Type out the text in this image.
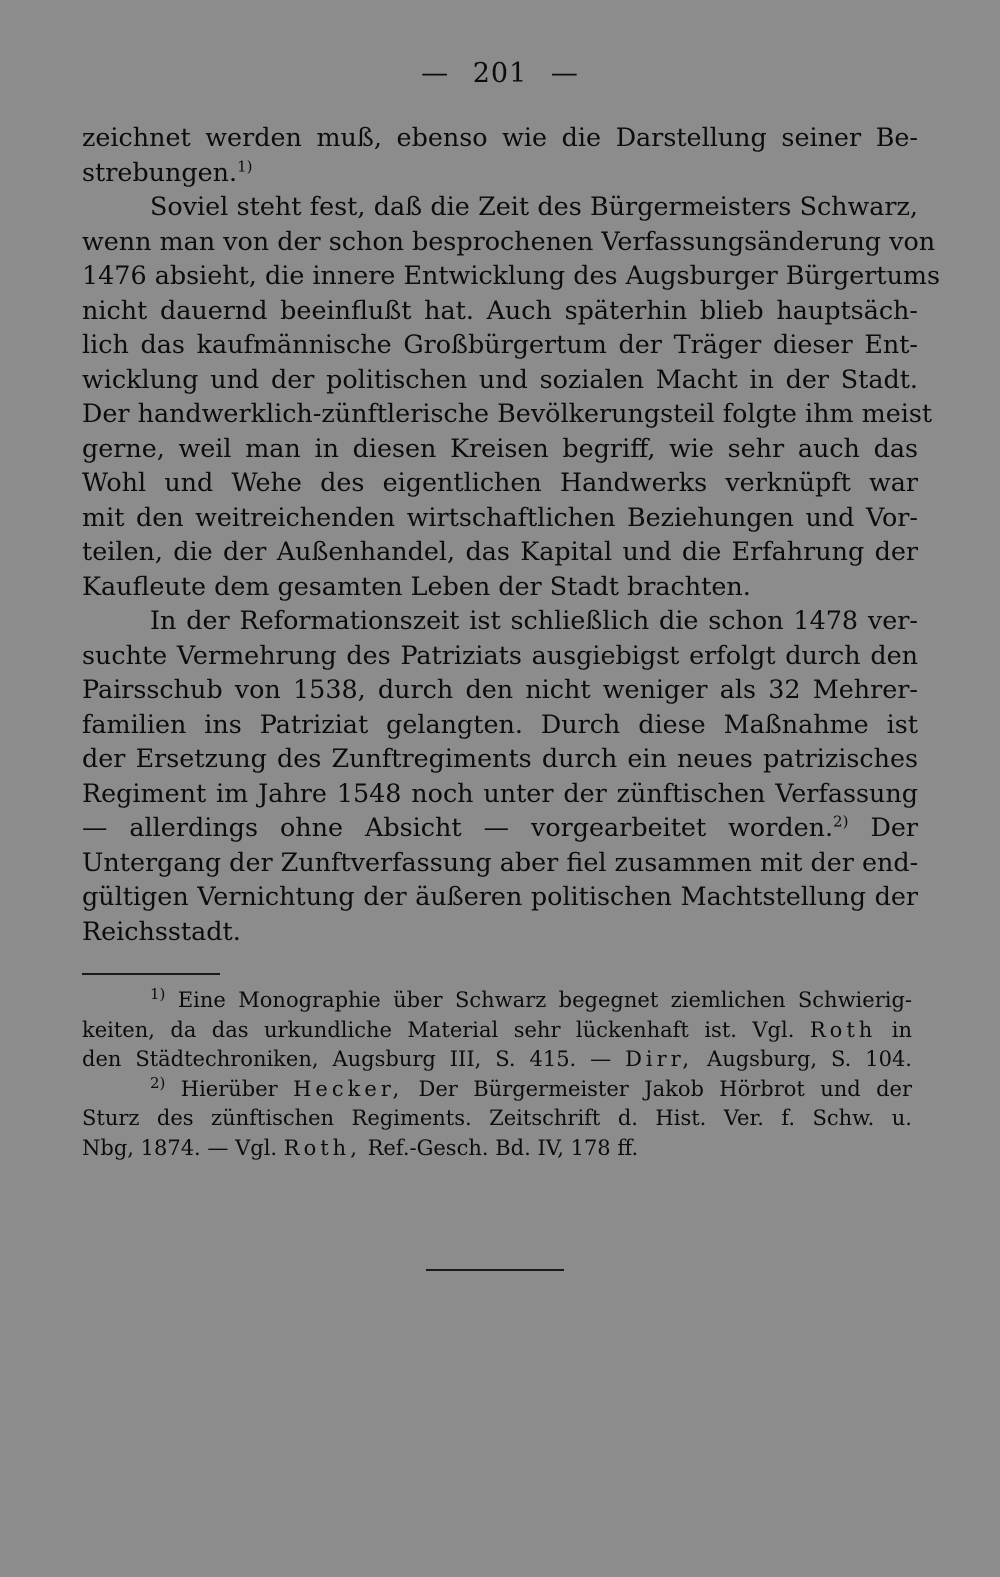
— 201 —
zeichnet werden muß, ebenso wie die Darstellung seiner Be-
strebungen.$^{1)}$
Soviel steht fest, daß die Zeit des Bürgermeisters Schwarz,
wenn man von der schon besprochenen Verfassungsänderung von
1476 absieht, die innere Entwicklung des Augsburger Bürgertums
nicht dauernd beeinflußt hat. Auch späterhin blieb hauptsäch-
lich das kaufmännische Großbürgertum der Träger dieser Ent-
wicklung und der politischen und sozialen Macht in der Stadt.
Der handwerklich-zünftlerische Bevölkerungsteil folgte ihm meist
gerne, weil man in diesen Kreisen begriff, wie sehr auch das
Wohl und Wehe des eigentlichen Handwerks verknüpft war
mit den weitreichenden wirtschaftlichen Beziehungen und Vor-
teilen, die der Außenhandel, das Kapital und die Erfahrung der
Kaufleute dem gesamten Leben der Stadt brachten.
In der Reformationszeit ist schließlich die schon 1478 ver-
suchte Vermehrung des Patriziats ausgiebigst erfolgt durch den
Pairsschub von 1538, durch den nicht weniger als 32 Mehrer-
familien ins Patriziat gelangten. Durch diese Maßnahme ist
der Ersetzung des Zunftregiments durch ein neues patrizisches
Regiment im Jahre 1548 noch unter der zünftischen Verfassung
— allerdings ohne Absicht — vorgearbeitet worden.$^{2)}$ Der
Untergang der Zunftverfassung aber fiel zusammen mit der end-
gültigen Vernichtung der äußeren politischen Machtstellung der
Reichsstadt.
$^{1)}$ Eine Monographie über Schwarz begegnet ziemlichen Schwierig-
keiten, da das urkundliche Material sehr lückenhaft ist. Vgl. Roth in
den Städtechroniken, Augsburg III, S. 415. — Dirr, Augsburg, S. 104.
$^{2)}$ Hierüber Hecker, Der Bürgermeister Jakob Hörbrot und der
Sturz des zünftischen Regiments. Zeitschrift d. Hist. Ver. f. Schw. u.
Nbg, 1874. — Vgl. Roth, Ref.-Gesch. Bd. IV, 178 ff.
